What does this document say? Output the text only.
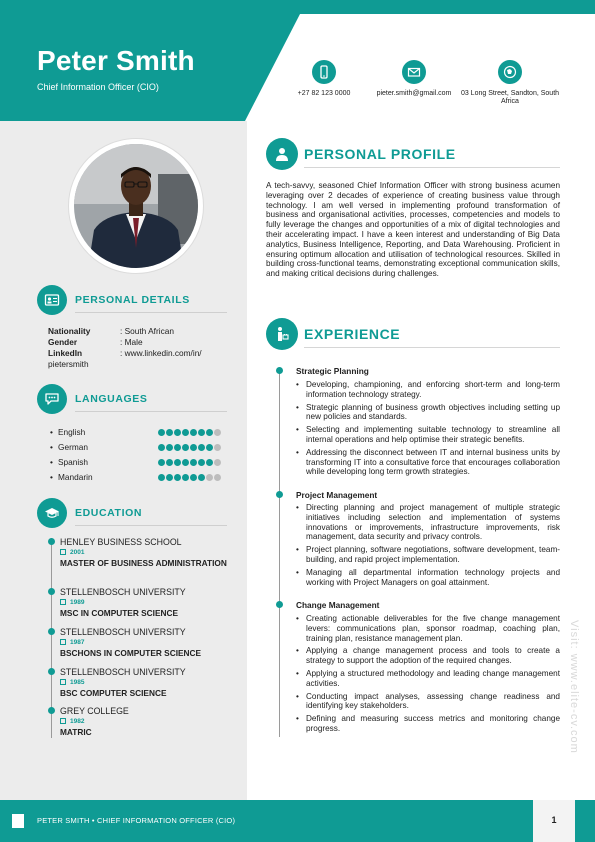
Peter Smith
Chief Information Officer (CIO)
+27 82 123 0000	pieter.smith@gmail.com	03 Long Street, Sandton, South Africa
PERSONAL DETAILS
Nationality	: South African
Gender	: Male
LinkedIn	: www.linkedin.com/in/
pietersmith
LANGUAGES
• English
• German
• Spanish
• Mandarin
EDUCATION
HENLEY BUSINESS SCHOOL
2001
MASTER OF BUSINESS ADMINISTRATION
STELLENBOSCH UNIVERSITY
1989
MSC IN COMPUTER SCIENCE
STELLENBOSCH UNIVERSITY
1987
BSCHONS IN COMPUTER SCIENCE
STELLENBOSCH UNIVERSITY
1985
BSC COMPUTER SCIENCE
GREY COLLEGE
1982
MATRIC
PERSONAL PROFILE
A tech-savvy, seasoned Chief Information Officer with strong business acumen leveraging over 2 decades of experience of creating business value through technology. I am well versed in implementing profound transformation of business and organisational activities, processes, competencies and models to fully leverage the changes and opportunities of a mix of digital technologies and their accelerating impact. I have a keen interest and understanding of Big Data analytics, Business Intelligence, Reporting, and Data Warehousing. Proficient in ensuring optimum allocation and utilisation of technological resources. Skilled in building cross-functional teams, demonstrating exceptional communication skills, and making critical decisions during challenges.
EXPERIENCE
Strategic Planning
• Developing, championing, and enforcing short-term and long-term information technology strategy.
• Strategic planning of business growth objectives including setting up new policies and standards.
• Selecting and implementing suitable technology to streamline all internal operations and help optimise their strategic benefits.
• Addressing the disconnect between IT and internal business units by transforming IT into a consultative force that encourages collaboration while developing long term growth strategies.
Project Management
• Directing planning and project management of multiple strategic initiatives including selection and implementation of systems innovations or improvements, infrastructure improvements, risk management, data security and privacy controls.
• Project planning, software negotiations, software development, team-building, and rapid project implementation.
• Managing all departmental information technology projects and working with Project Managers on goal attainment.
Change Management
• Creating actionable deliverables for the five change management levers: communications plan, sponsor roadmap, coaching plan, training plan, resistance management plan.
• Applying a change management process and tools to create a strategy to support the adoption of the required changes.
• Applying a structured methodology and leading change management activities.
• Conducting impact analyses, assessing change readiness and identifying key stakeholders.
• Defining and measuring success metrics and monitoring change progress.	Visit: www.elite-cv.com
PETER SMITH • CHIEF INFORMATION OFFICER (CIO)	1
